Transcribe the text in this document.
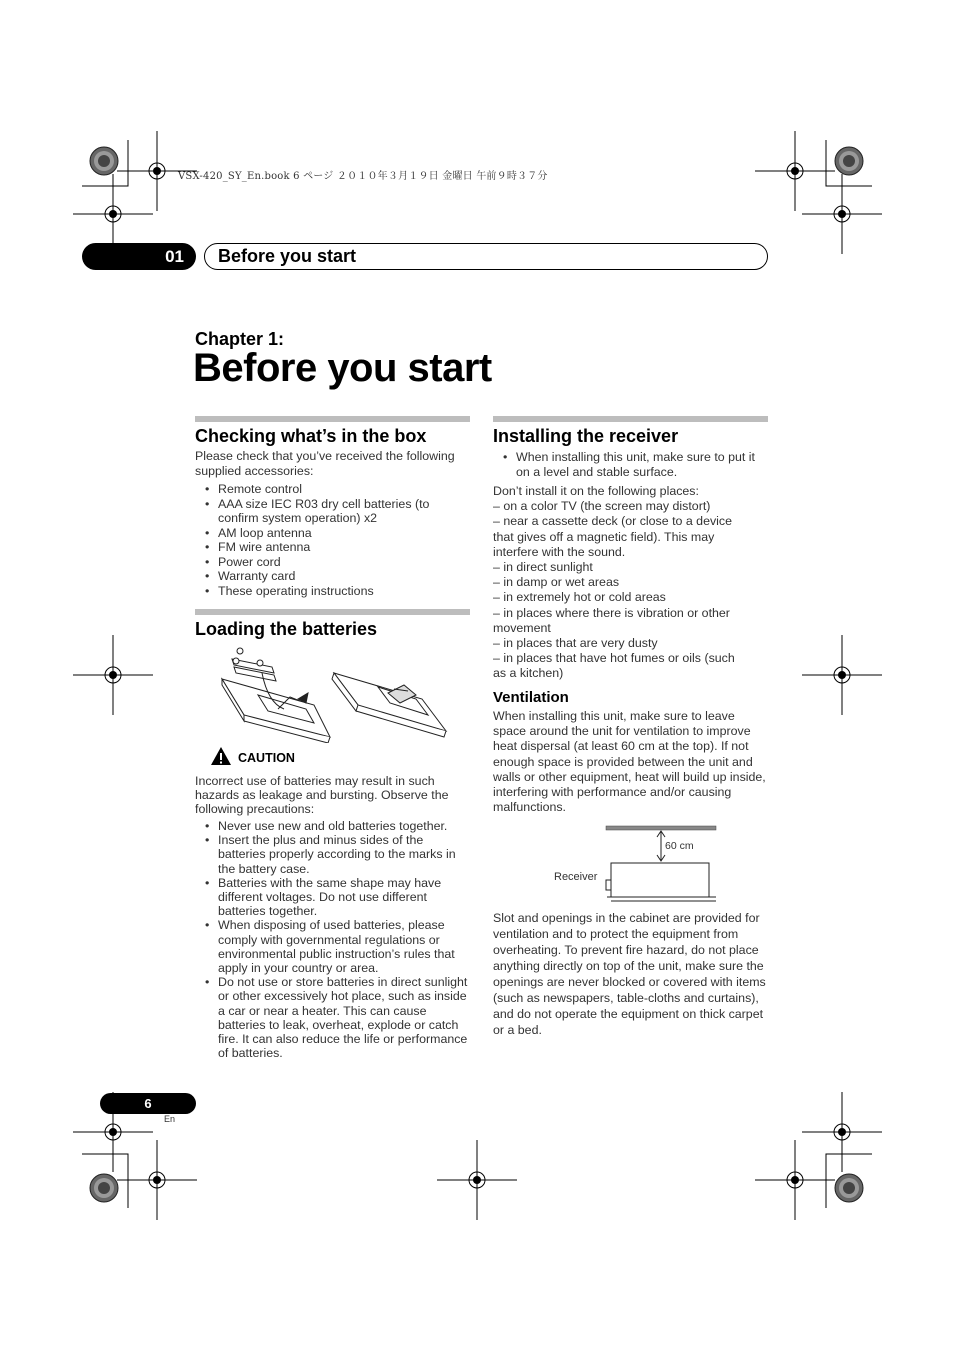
VSX-420_SY_En.book 6 ページ ２０１０年３月１９日 金曜日 午前９時３７分
01	Before you start
Chapter 1:
Before you start
Checking what’s in the box
Please check that you’ve received the following supplied accessories:
• Remote control
• AAA size IEC R03 dry cell batteries (to confirm system operation) x2
• AM loop antenna
• FM wire antenna
• Power cord
• Warranty card
• These operating instructions
Loading the batteries
CAUTION
Incorrect use of batteries may result in such hazards as leakage and bursting. Observe the following precautions:
• Never use new and old batteries together.
• Insert the plus and minus sides of the batteries properly according to the marks in the battery case.
• Batteries with the same shape may have different voltages. Do not use different batteries together.
• When disposing of used batteries, please comply with governmental regulations or environmental public instruction’s rules that apply in your country or area.
• Do not use or store batteries in direct sunlight or other excessively hot place, such as inside a car or near a heater. This can cause batteries to leak, overheat, explode or catch fire. It can also reduce the life or performance of batteries.
Installing the receiver
• When installing this unit, make sure to put it on a level and stable surface.
Don’t install it on the following places:
– on a color TV (the screen may distort)
– near a cassette deck (or close to a device
that gives off a magnetic field). This may
interfere with the sound.
– in direct sunlight
– in damp or wet areas
– in extremely hot or cold areas
– in places where there is vibration or other
movement
– in places that are very dusty
– in places that have hot fumes or oils (such
as a kitchen)
Ventilation
When installing this unit, make sure to leave space around the unit for ventilation to improve heat dispersal (at least 60 cm at the top). If not enough space is provided between the unit and walls or other equipment, heat will build up inside, interfering with performance and/or causing malfunctions.
60 cm
Receiver
Slot and openings in the cabinet are provided for ventilation and to protect the equipment from overheating. To prevent fire hazard, do not place anything directly on top of the unit, make sure the openings are never blocked or covered with items (such as newspapers, table-cloths and curtains), and do not operate the equipment on thick carpet or a bed.
6
En
